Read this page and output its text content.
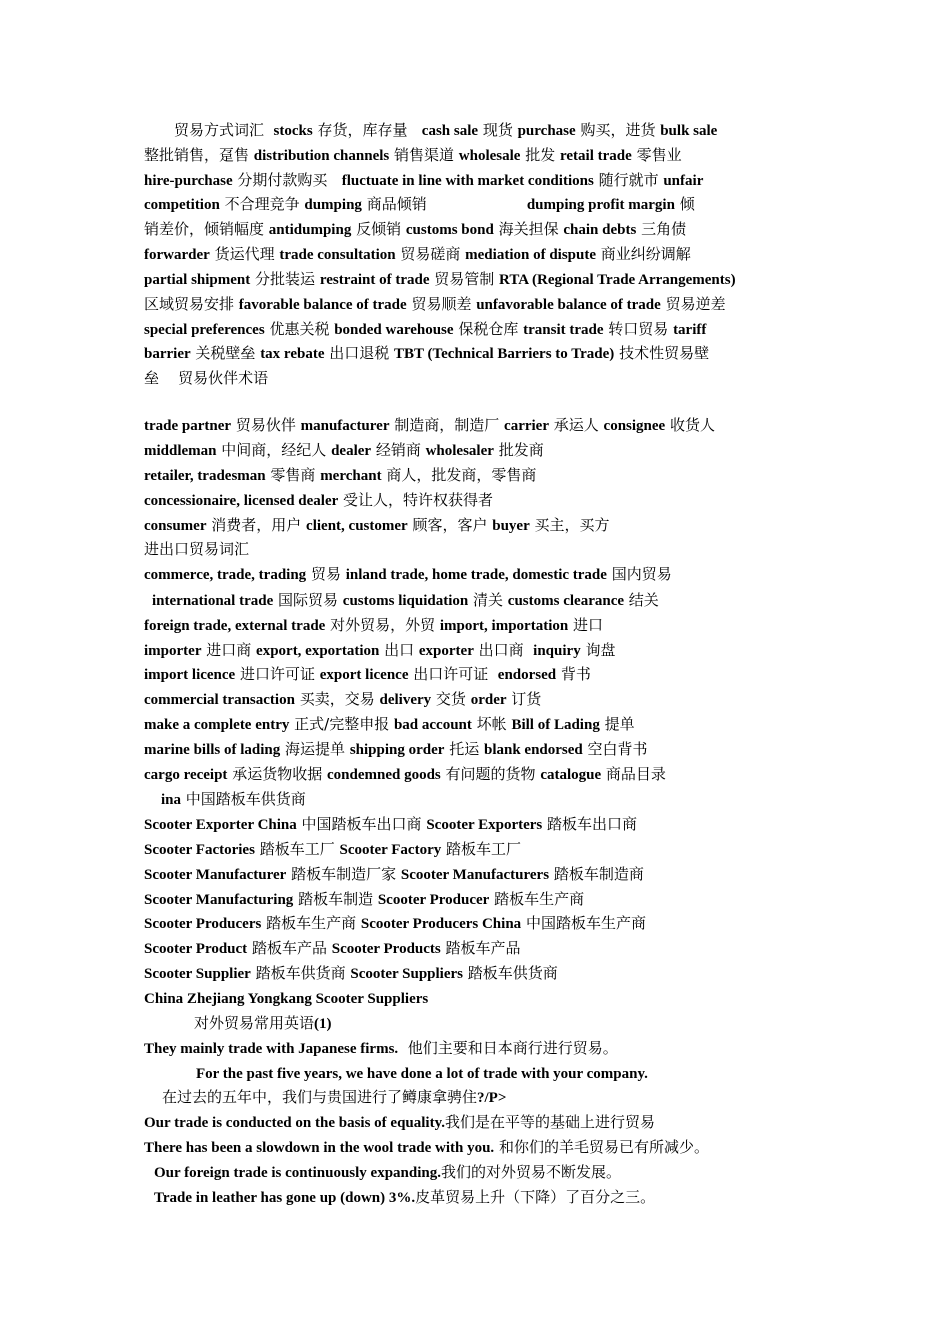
贸易方式词汇  stocks 存货，库存量   cash sale 现货 purchase 购买，进货 bulk sale
整批销售，趸售 distribution channels 销售渠道 wholesale 批发 retail trade 零售业
hire-purchase 分期付款购买   fluctuate in line with market conditions 随行就市 unfair
competition 不合理竞争 dumping 商品倾销                     dumping profit margin 倾
销差价，倾销幅度 antidumping 反倾销 customs bond 海关担保 chain debts 三角债
forwarder 货运代理 trade consultation 贸易磋商 mediation of dispute 商业纠纷调解
partial shipment 分批装运 restraint of trade 贸易管制 RTA (Regional Trade Arrangements)
区域贸易安排 favorable balance of trade 贸易顺差 unfavorable balance of trade 贸易逆差
special preferences 优惠关税 bonded warehouse 保税仓库 transit trade 转口贸易 tariff
barrier 关税壁垒 tax rebate 出口退税 TBT (Technical Barriers to Trade) 技术性贸易壁
垒    贸易伙伴术语
trade partner 贸易伙伴 manufacturer 制造商，制造厂 carrier 承运人 consignee 收货人
middleman 中间商，经纪人 dealer 经销商 wholesaler 批发商
retailer, tradesman 零售商 merchant 商人，批发商，零售商
concessionaire, licensed dealer 受让人，特许权获得者
consumer 消费者，用户 client, customer 顾客，客户 buyer 买主，买方
进出口贸易词汇
commerce, trade, trading 贸易 inland trade, home trade, domestic trade 国内贸易
international trade 国际贸易 customs liquidation 清关 customs clearance 结关
foreign trade, external trade 对外贸易，外贸 import, importation 进口
importer 进口商 export, exportation 出口 exporter 出口商  inquiry 询盘
import licence 进口许可证 export licence 出口许可证  endorsed 背书
commercial transaction 买卖，交易 delivery 交货 order 订货
make a complete entry 正式/完整申报 bad account 坏帐 Bill of Lading 提单
marine bills of lading 海运提单 shipping order 托运 blank endorsed 空白背书
cargo receipt 承运货物收据 condemned goods 有问题的货物 catalogue 商品目录
ina 中国踏板车供货商
Scooter Exporter China 中国踏板车出口商 Scooter Exporters 踏板车出口商
Scooter Factories 踏板车工厂 Scooter Factory 踏板车工厂
Scooter Manufacturer 踏板车制造厂家 Scooter Manufacturers 踏板车制造商
Scooter Manufacturing 踏板车制造 Scooter Producer 踏板车生产商
Scooter Producers 踏板车生产商 Scooter Producers China 中国踏板车生产商
Scooter Product 踏板车产品 Scooter Products 踏板车产品
Scooter Supplier 踏板车供货商 Scooter Suppliers 踏板车供货商
China Zhejiang Yongkang Scooter Suppliers
对外贸易常用英语(1)
They mainly trade with Japanese firms.  他们主要和日本商行进行贸易。
For the past five years, we have done a lot of trade with your company.
在过去的五年中，我们与贵国进行了鳟康拿骋住?/P>
Our trade is conducted on the basis of equality.我们是在平等的基础上进行贸易
There has been a slowdown in the wool trade with you. 和你们的羊毛贸易已有所减少。
Our foreign trade is continuously expanding.我们的对外贸易不断发展。
Trade in leather has gone up (down) 3%.皮革贸易上升（下降）了百分之三。
